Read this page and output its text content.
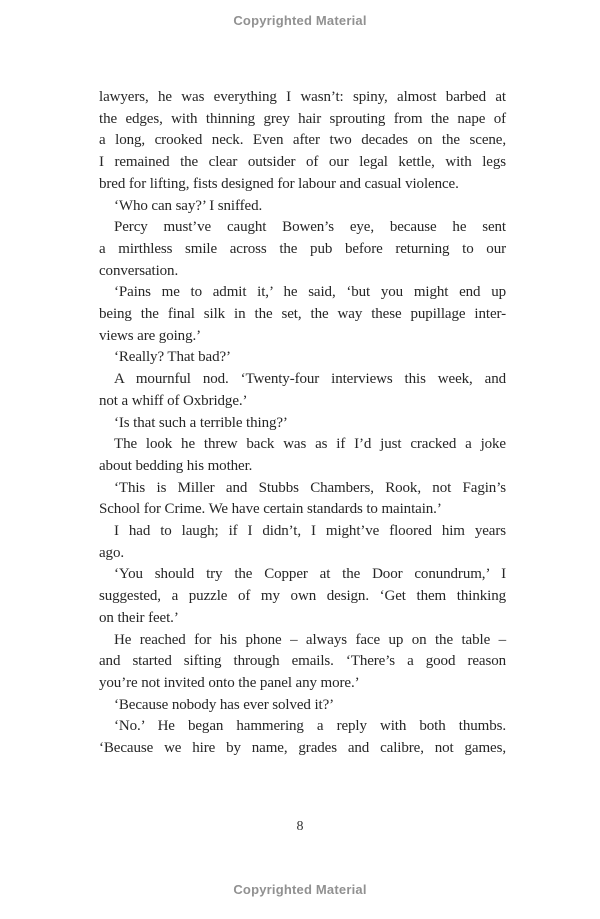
Copyrighted Material
lawyers, he was everything I wasn’t: spiny, almost barbed at
the edges, with thinning grey hair sprouting from the nape of
a long, crooked neck. Even after two decades on the scene,
I remained the clear outsider of our legal kettle, with legs
bred for lifting, fists designed for labour and casual violence.
‘Who can say?’ I sniffed.
Percy must’ve caught Bowen’s eye, because he sent
a mirthless smile across the pub before returning to our
conversation.
‘Pains me to admit it,’ he said, ‘but you might end up
being the final silk in the set, the way these pupillage inter-
views are going.’
‘Really? That bad?’
A mournful nod. ‘Twenty-four interviews this week, and
not a whiff of Oxbridge.’
‘Is that such a terrible thing?’
The look he threw back was as if I’d just cracked a joke
about bedding his mother.
‘This is Miller and Stubbs Chambers, Rook, not Fagin’s
School for Crime. We have certain standards to maintain.’
I had to laugh; if I didn’t, I might’ve floored him years
ago.
‘You should try the Copper at the Door conundrum,’ I
suggested, a puzzle of my own design. ‘Get them thinking
on their feet.’
He reached for his phone – always face up on the table –
and started sifting through emails. ‘There’s a good reason
you’re not invited onto the panel any more.’
‘Because nobody has ever solved it?’
‘No.’ He began hammering a reply with both thumbs.
‘Because we hire by name, grades and calibre, not games,
8
Copyrighted Material
